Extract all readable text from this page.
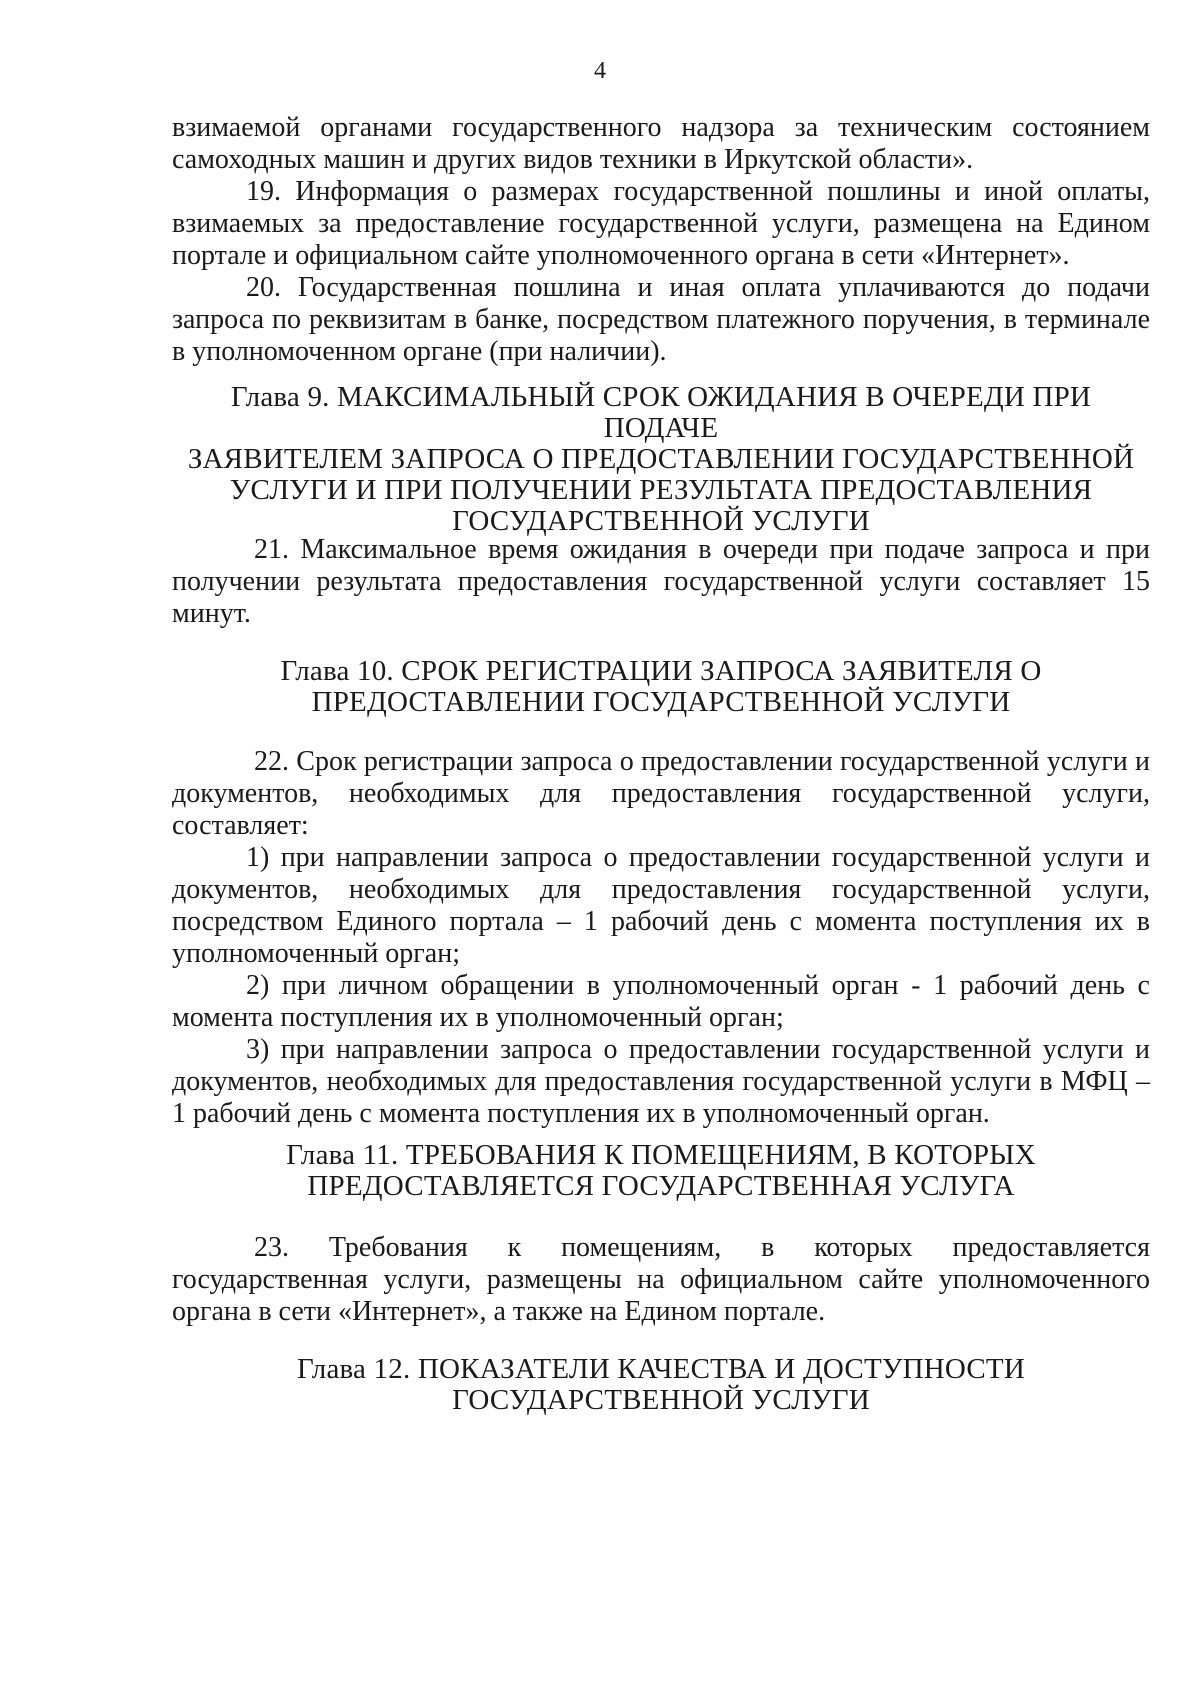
4

взимаемой органами государственного надзора за техническим состоянием самоходных машин и других видов техники в Иркутской области».

19. Информация о размерах государственной пошлины и иной оплаты, взимаемых за предоставление государственной услуги, размещена на Едином портале и официальном сайте уполномоченного органа в сети «Интернет».

20. Государственная пошлина и иная оплата уплачиваются до подачи запроса по реквизитам в банке, посредством платежного поручения, в терминале в уполномоченном органе (при наличии).

Глава 9. МАКСИМАЛЬНЫЙ СРОК ОЖИДАНИЯ В ОЧЕРЕДИ ПРИ ПОДАЧЕ
ЗАЯВИТЕЛЕМ ЗАПРОСА О ПРЕДОСТАВЛЕНИИ ГОСУДАРСТВЕННОЙ
УСЛУГИ И ПРИ ПОЛУЧЕНИИ РЕЗУЛЬТАТА ПРЕДОСТАВЛЕНИЯ
ГОСУДАРСТВЕННОЙ УСЛУГИ

21. Максимальное время ожидания в очереди при подаче запроса и при получении результата предоставления государственной услуги составляет 15 минут.

Глава 10. СРОК РЕГИСТРАЦИИ ЗАПРОСА ЗАЯВИТЕЛЯ О
ПРЕДОСТАВЛЕНИИ ГОСУДАРСТВЕННОЙ УСЛУГИ

22. Срок регистрации запроса о предоставлении государственной услуги и документов, необходимых для предоставления государственной услуги, составляет:

1) при направлении запроса о предоставлении государственной услуги и документов, необходимых для предоставления государственной услуги, посредством Единого портала – 1 рабочий день с момента поступления их в уполномоченный орган;

2) при личном обращении в уполномоченный орган - 1 рабочий день с момента поступления их в уполномоченный орган;

3) при направлении запроса о предоставлении государственной услуги и документов, необходимых для предоставления государственной услуги в МФЦ – 1 рабочий день с момента поступления их в уполномоченный орган.

Глава 11. ТРЕБОВАНИЯ К ПОМЕЩЕНИЯМ, В КОТОРЫХ
ПРЕДОСТАВЛЯЕТСЯ ГОСУДАРСТВЕННАЯ УСЛУГА

23. Требования к помещениям, в которых предоставляется государственная услуги, размещены на официальном сайте уполномоченного органа в сети «Интернет», а также на Едином портале.

Глава 12. ПОКАЗАТЕЛИ КАЧЕСТВА И ДОСТУПНОСТИ
ГОСУДАРСТВЕННОЙ УСЛУГИ
